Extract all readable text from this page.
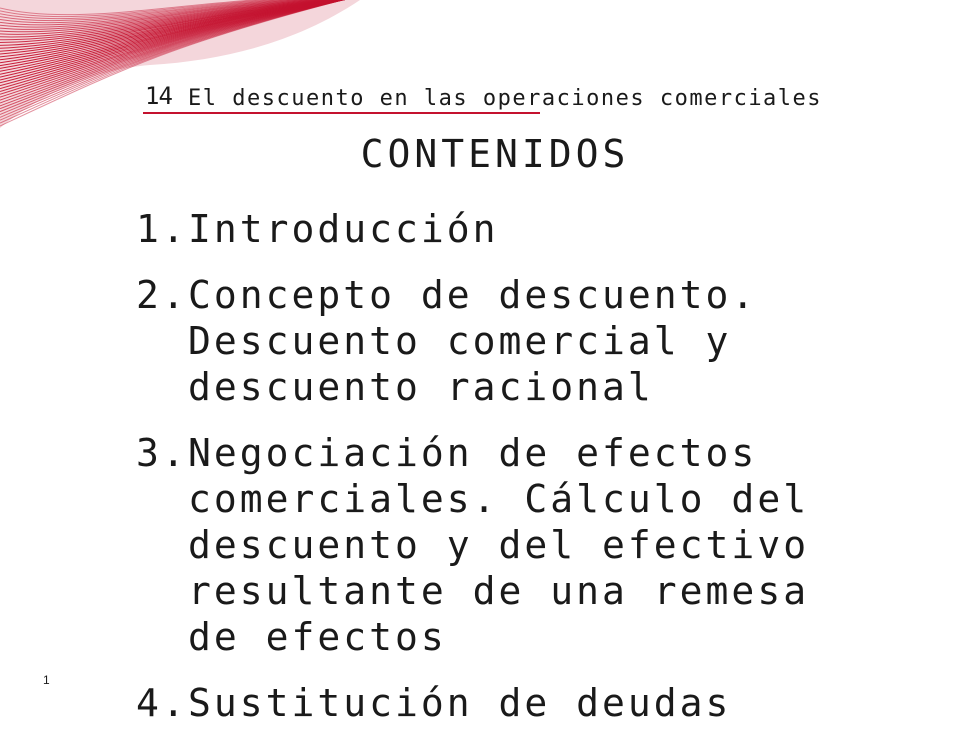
14 El descuento en las operaciones comerciales
CONTENIDOS
1. Introducción
2. Concepto de descuento. Descuento comercial y descuento racional
3. Negociación de efectos comerciales. Cálculo del descuento y del efectivo resultante de una remesa de efectos
4. Sustitución de deudas
1
